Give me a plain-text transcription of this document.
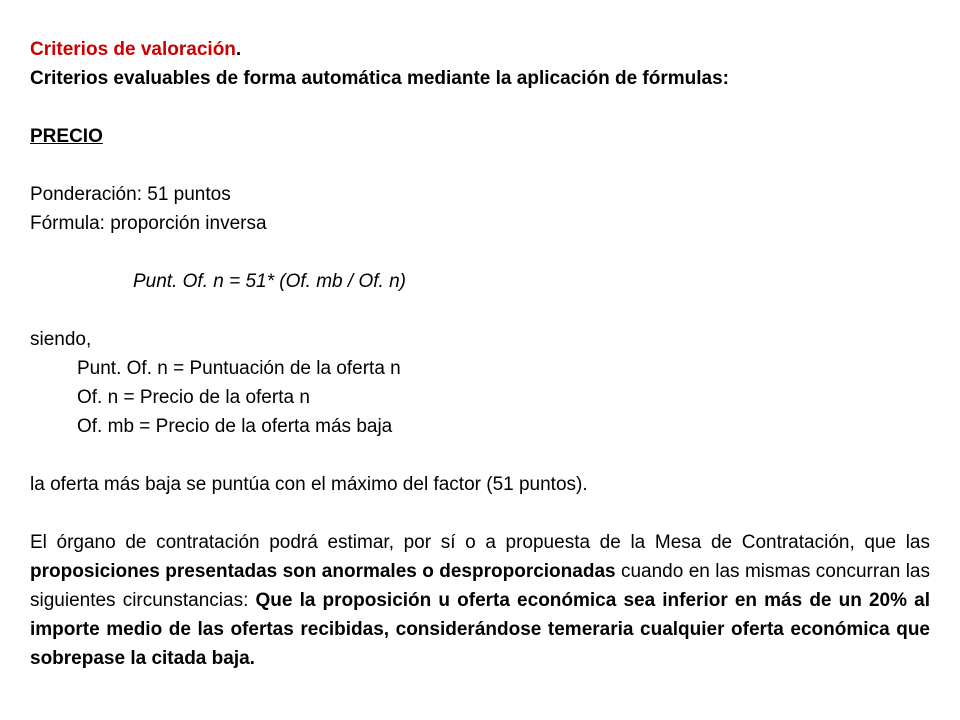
Criterios de valoración.
Criterios evaluables de forma automática mediante la aplicación de fórmulas:
PRECIO
Ponderación: 51 puntos
Fórmula: proporción inversa
Punt. Of. n = 51* (Of. mb / Of. n)
siendo,
Punt. Of. n = Puntuación de la oferta n
Of. n = Precio de la oferta n
Of. mb = Precio de la oferta más baja
la oferta más baja se puntúa con el máximo del factor (51 puntos).
El órgano de contratación podrá estimar, por sí o a propuesta de la Mesa de Contratación, que las proposiciones presentadas son anormales o desproporcionadas cuando en las mismas concurran las siguientes circunstancias: Que la proposición u oferta económica sea inferior en más de un 20% al importe medio de las ofertas recibidas, considerándose temeraria cualquier oferta económica que sobrepase la citada baja.
